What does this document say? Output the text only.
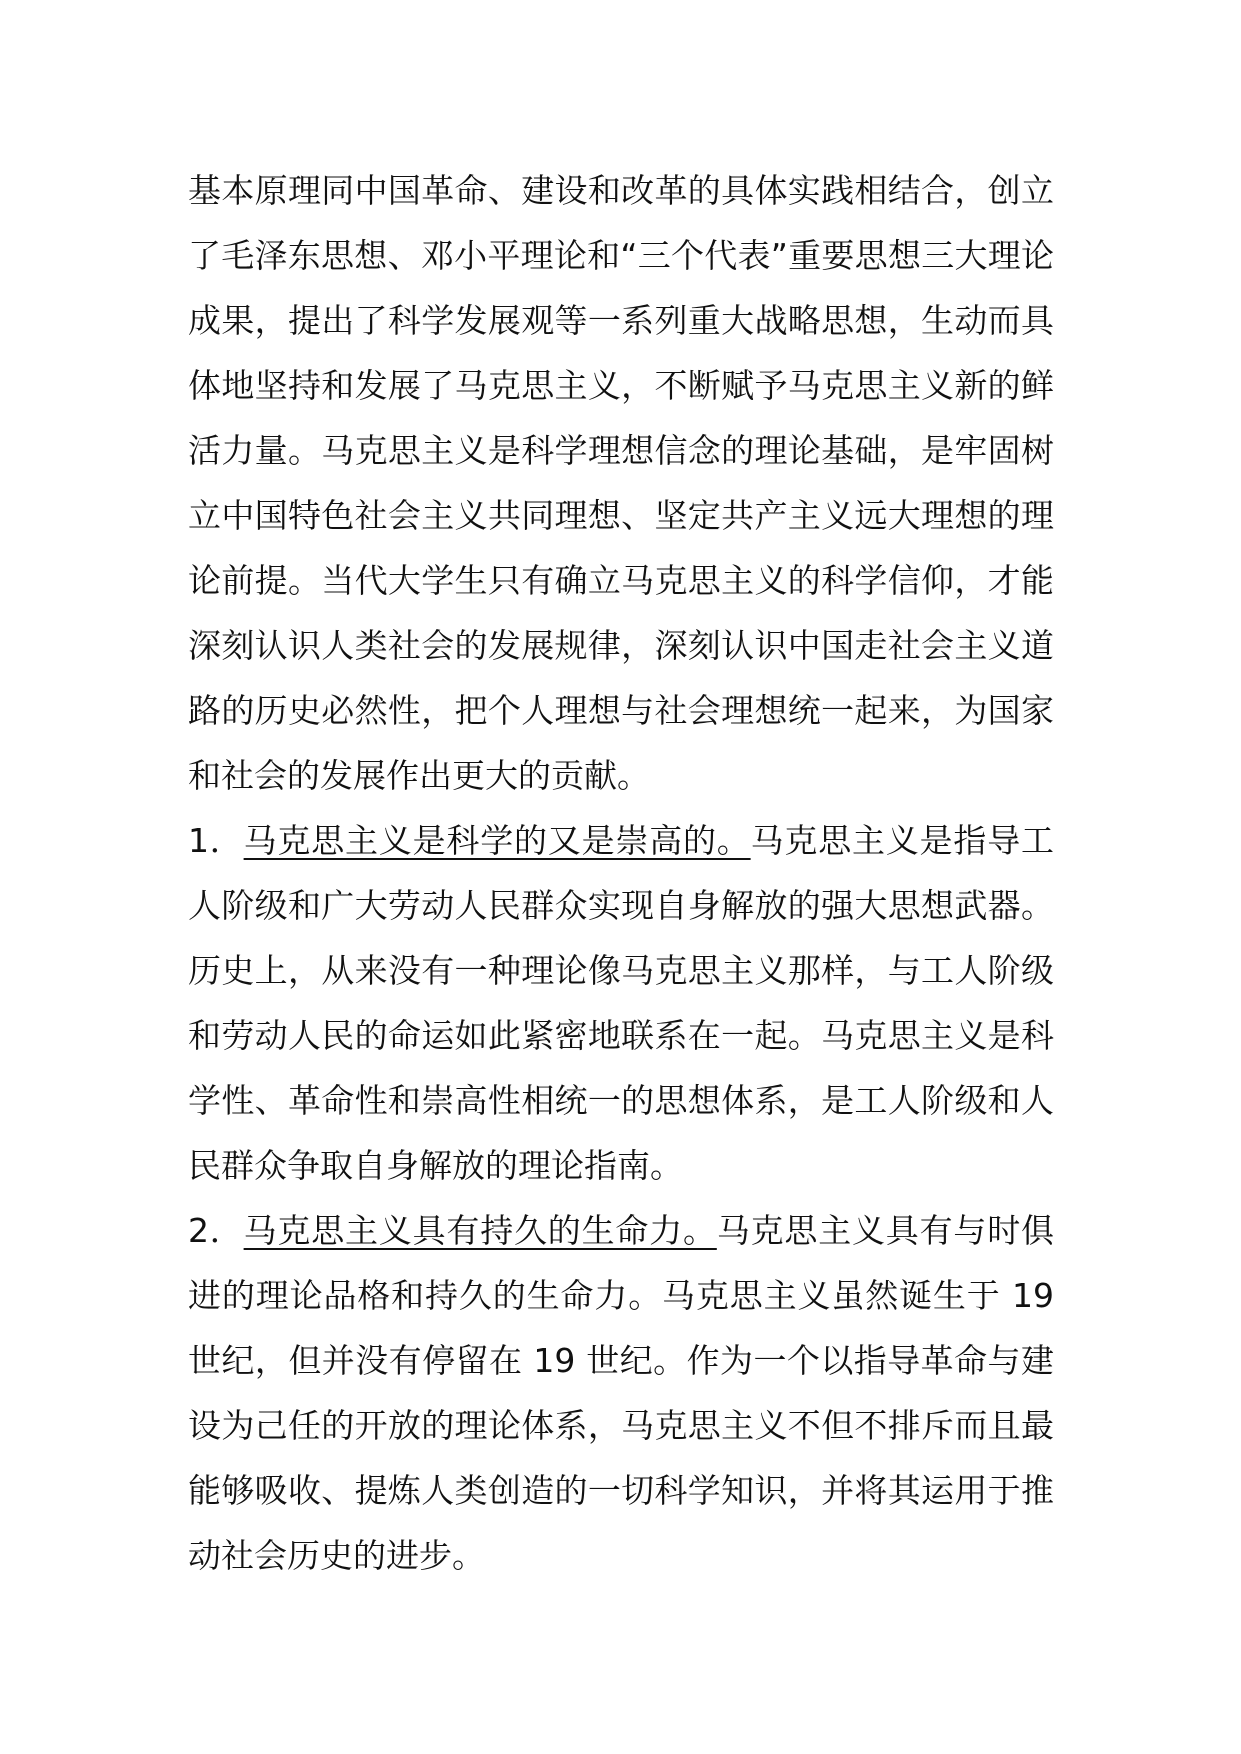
基本原理同中国革命、建设和改革的具体实践相结合，创立了毛泽东思想、邓小平理论和“三个代表”重要思想三大理论成果，提出了科学发展观等一系列重大战略思想，生动而具体地坚持和发展了马克思主义，不断赋予马克思主义新的鲜活力量。马克思主义是科学理想信念的理论基础，是牢固树立中国特色社会主义共同理想、坚定共产主义远大理想的理论前提。当代大学生只有确立马克思主义的科学信仰，才能深刻认识人类社会的发展规律，深刻认识中国走社会主义道路的历史必然性，把个人理想与社会理想统一起来，为国家和社会的发展作出更大的贡献。

1．马克思主义是科学的又是崇高的。马克思主义是指导工人阶级和广大劳动人民群众实现自身解放的强大思想武器。历史上，从来没有一种理论像马克思主义那样，与工人阶级和劳动人民的命运如此紧密地联系在一起。马克思主义是科学性、革命性和崇高性相统一的思想体系，是工人阶级和人民群众争取自身解放的理论指南。

2．马克思主义具有持久的生命力。马克思主义具有与时俱进的理论品格和持久的生命力。马克思主义虽然诞生于 19 世纪，但并没有停留在 19 世纪。作为一个以指导革命与建设为己任的开放的理论体系，马克思主义不但不排斥而且最能够吸收、提炼人类创造的一切科学知识，并将其运用于推动社会历史的进步。
